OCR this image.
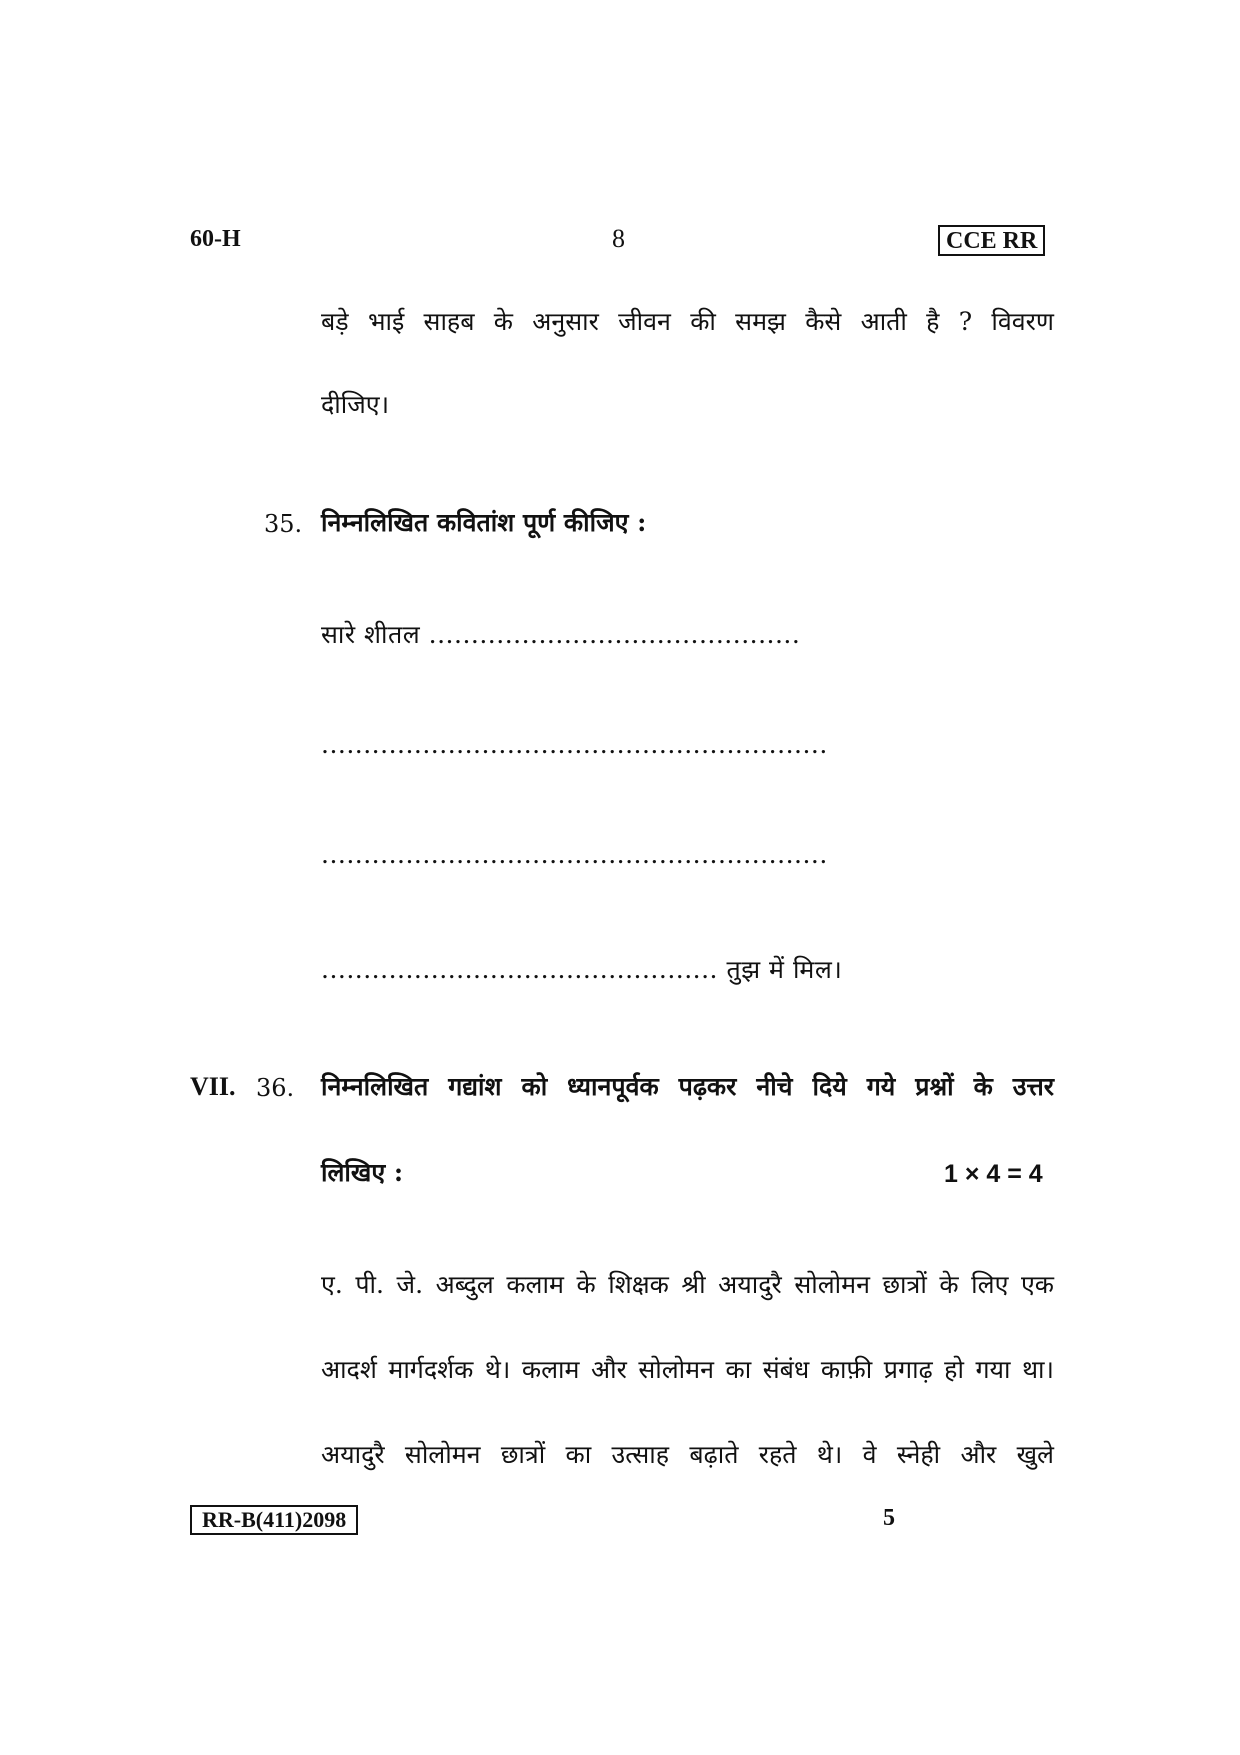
60-H	8	CCE RR
बड़े भाई साहब के अनुसार जीवन की समझ कैसे आती है ? विवरण
दीजिए।
35. निम्नलिखित कवितांश पूर्ण कीजिए :
सारे शीतल ............................................
............................................................
............................................................
............................................... तुझ में मिल।
VII. 36. निम्नलिखित गद्यांश को ध्यानपूर्वक पढ़कर नीचे दिये गये प्रश्नों के उत्तर
लिखिए :	1 × 4 = 4
ए. पी. जे. अब्दुल कलाम के शिक्षक श्री अयादुरै सोलोमन छात्रों के लिए एक
आदर्श मार्गदर्शक थे। कलाम और सोलोमन का संबंध काफ़ी प्रगाढ़ हो गया था।
अयादुरै सोलोमन छात्रों का उत्साह बढ़ाते रहते थे। वे स्नेही और खुले
RR-B(411)2098	5
